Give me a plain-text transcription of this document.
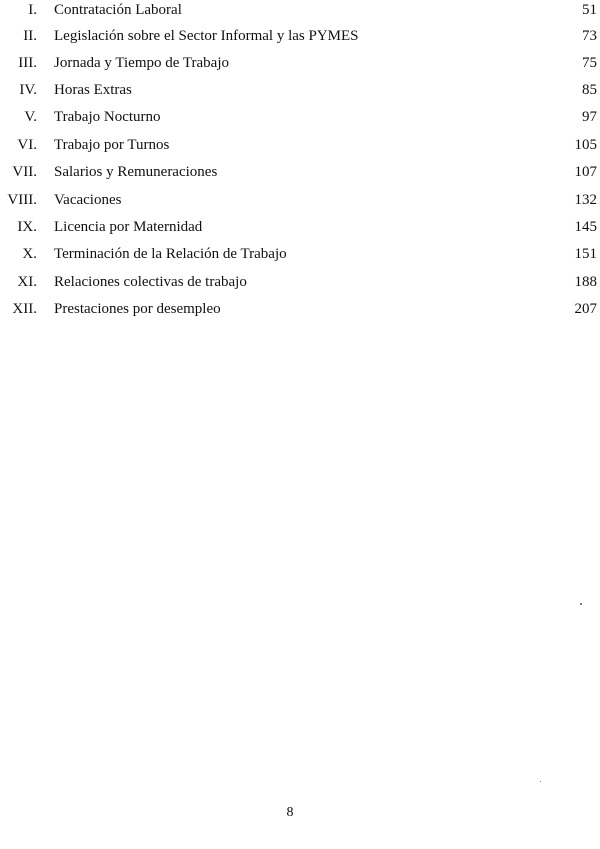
I. Contratación Laboral	51
II. Legislación sobre el Sector Informal y las PYMES	73
III. Jornada y Tiempo de Trabajo	75
IV. Horas Extras	85
V. Trabajo Nocturno	97
VI. Trabajo por Turnos	105
VII. Salarios y Remuneraciones	107
VIII. Vacaciones	132
IX. Licencia por Maternidad	145
X. Terminación de la Relación de Trabajo	151
XI. Relaciones colectivas de trabajo	188
XII. Prestaciones por desempleo	207
8
